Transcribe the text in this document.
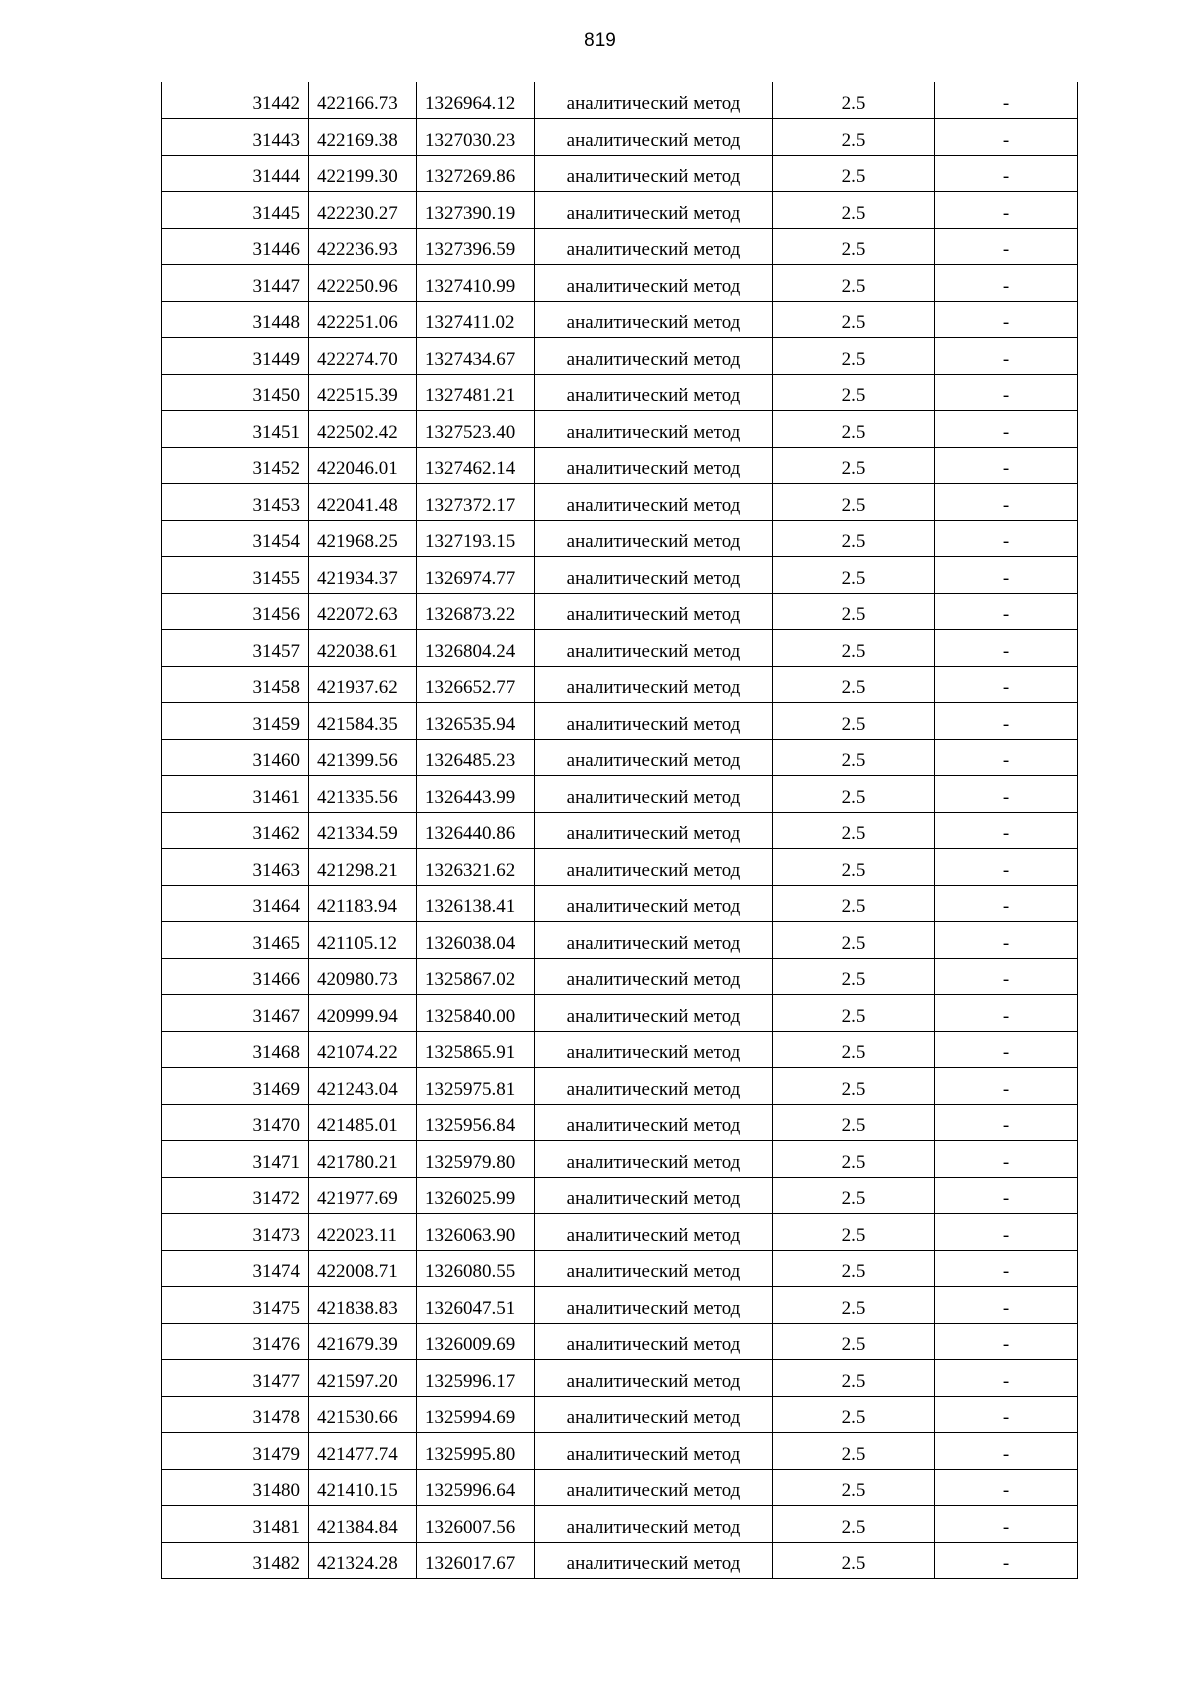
819
31442	422166.73	1326964.12	аналитический метод	2.5	-
31443	422169.38	1327030.23	аналитический метод	2.5	-
31444	422199.30	1327269.86	аналитический метод	2.5	-
31445	422230.27	1327390.19	аналитический метод	2.5	-
31446	422236.93	1327396.59	аналитический метод	2.5	-
31447	422250.96	1327410.99	аналитический метод	2.5	-
31448	422251.06	1327411.02	аналитический метод	2.5	-
31449	422274.70	1327434.67	аналитический метод	2.5	-
31450	422515.39	1327481.21	аналитический метод	2.5	-
31451	422502.42	1327523.40	аналитический метод	2.5	-
31452	422046.01	1327462.14	аналитический метод	2.5	-
31453	422041.48	1327372.17	аналитический метод	2.5	-
31454	421968.25	1327193.15	аналитический метод	2.5	-
31455	421934.37	1326974.77	аналитический метод	2.5	-
31456	422072.63	1326873.22	аналитический метод	2.5	-
31457	422038.61	1326804.24	аналитический метод	2.5	-
31458	421937.62	1326652.77	аналитический метод	2.5	-
31459	421584.35	1326535.94	аналитический метод	2.5	-
31460	421399.56	1326485.23	аналитический метод	2.5	-
31461	421335.56	1326443.99	аналитический метод	2.5	-
31462	421334.59	1326440.86	аналитический метод	2.5	-
31463	421298.21	1326321.62	аналитический метод	2.5	-
31464	421183.94	1326138.41	аналитический метод	2.5	-
31465	421105.12	1326038.04	аналитический метод	2.5	-
31466	420980.73	1325867.02	аналитический метод	2.5	-
31467	420999.94	1325840.00	аналитический метод	2.5	-
31468	421074.22	1325865.91	аналитический метод	2.5	-
31469	421243.04	1325975.81	аналитический метод	2.5	-
31470	421485.01	1325956.84	аналитический метод	2.5	-
31471	421780.21	1325979.80	аналитический метод	2.5	-
31472	421977.69	1326025.99	аналитический метод	2.5	-
31473	422023.11	1326063.90	аналитический метод	2.5	-
31474	422008.71	1326080.55	аналитический метод	2.5	-
31475	421838.83	1326047.51	аналитический метод	2.5	-
31476	421679.39	1326009.69	аналитический метод	2.5	-
31477	421597.20	1325996.17	аналитический метод	2.5	-
31478	421530.66	1325994.69	аналитический метод	2.5	-
31479	421477.74	1325995.80	аналитический метод	2.5	-
31480	421410.15	1325996.64	аналитический метод	2.5	-
31481	421384.84	1326007.56	аналитический метод	2.5	-
31482	421324.28	1326017.67	аналитический метод	2.5	-
